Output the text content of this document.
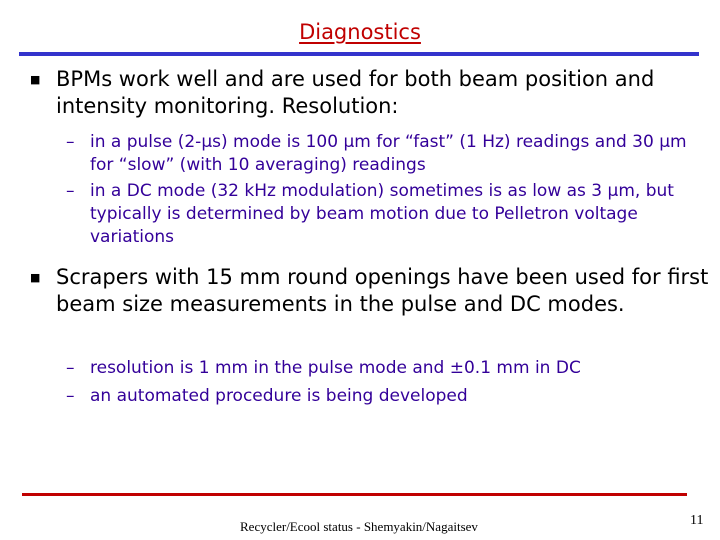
Diagnostics
■ BPMs work well and are used for both beam position and intensity monitoring. Resolution:
– in a pulse (2-μs) mode is 100 μm for “fast” (1 Hz) readings and 30 μm for “slow” (with 10 averaging) readings
– in a DC mode (32 kHz modulation) sometimes is as low as 3 μm, but typically is determined by beam motion due to Pelletron voltage variations
■ Scrapers with 15 mm round openings have been used for first beam size measurements in the pulse and DC modes.
– resolution is 1 mm in the pulse mode and ±0.1 mm in DC
– an automated procedure is being developed
Recycler/Ecool status - Shemyakin/Nagaitsev	11
